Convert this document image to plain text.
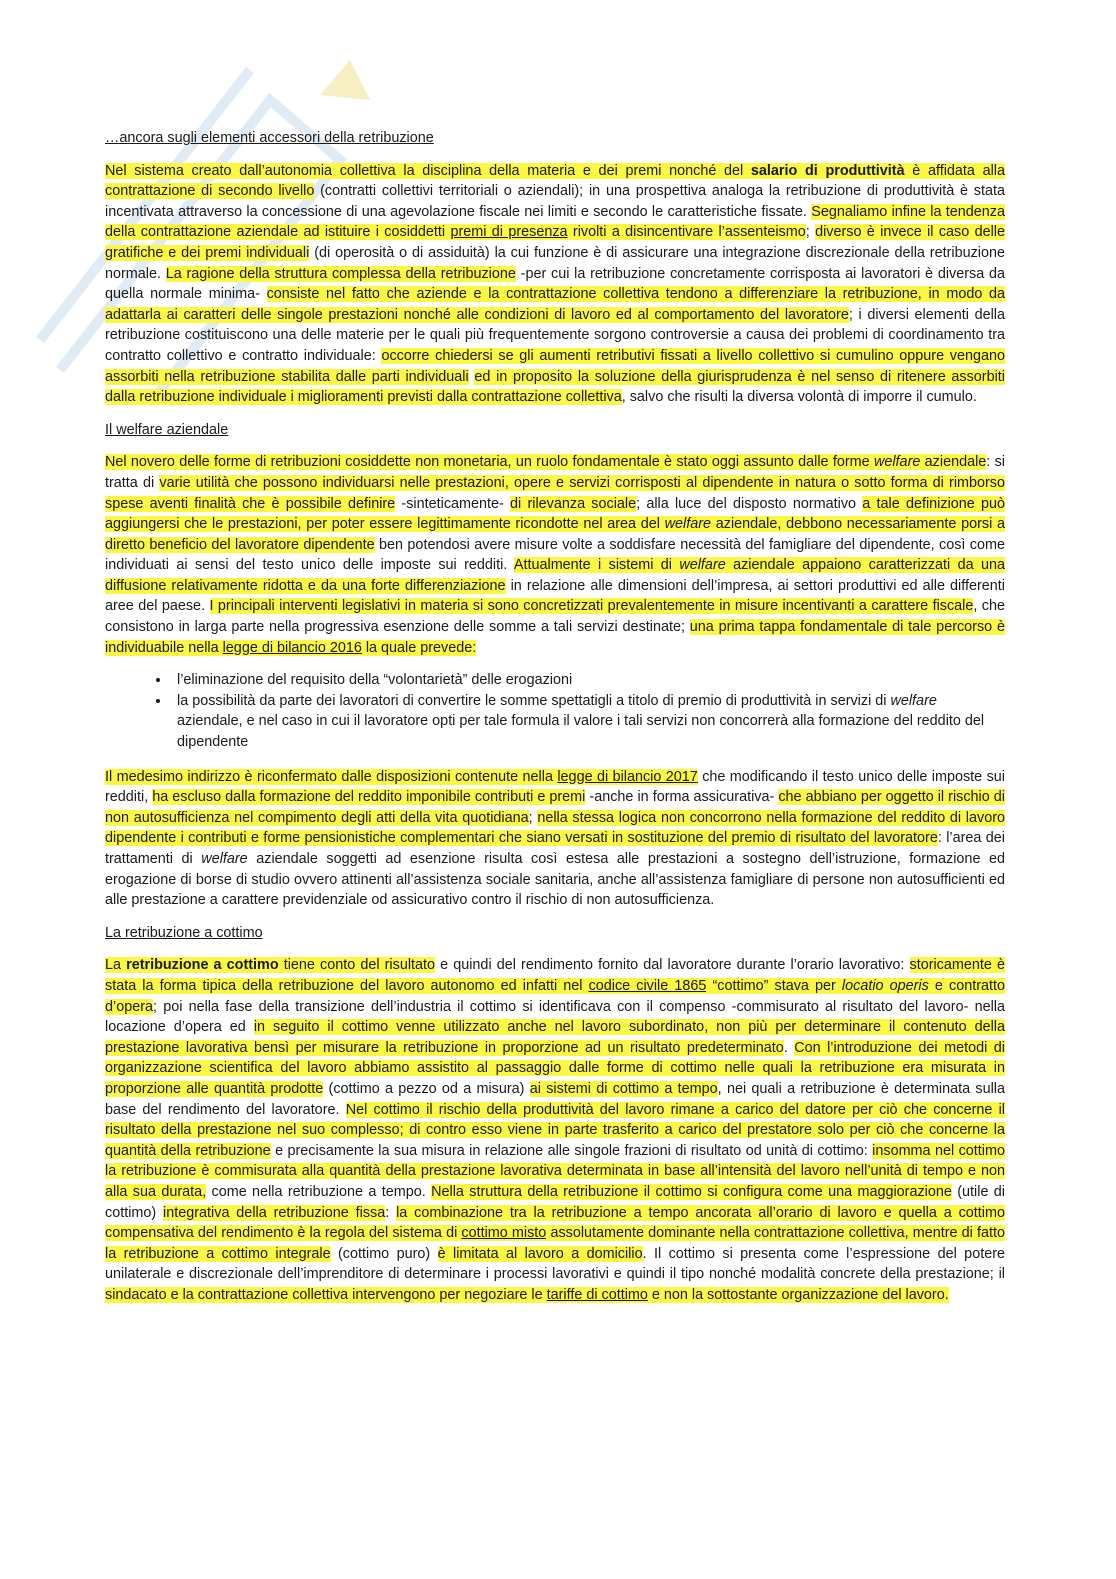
…ancora sugli elementi accessori della retribuzione

Nel sistema creato dall’autonomia collettiva la disciplina della materia e dei premi nonché del salario di produttività è affidata alla contrattazione di secondo livello (contratti collettivi territoriali o aziendali); in una prospettiva analoga la retribuzione di produttività è stata incentivata attraverso la concessione di una agevolazione fiscale nei limiti e secondo le caratteristiche fissate. Segnaliamo infine la tendenza della contrattazione aziendale ad istituire i cosiddetti premi di presenza rivolti a disincentivare l’assenteismo; diverso è invece il caso delle gratifiche e dei premi individuali (di operosità o di assiduità) la cui funzione è di assicurare una integrazione discrezionale della retribuzione normale. La ragione della struttura complessa della retribuzione -per cui la retribuzione concretamente corrisposta ai lavoratori è diversa da quella normale minima- consiste nel fatto che aziende e la contrattazione collettiva tendono a differenziare la retribuzione, in modo da adattarla ai caratteri delle singole prestazioni nonché alle condizioni di lavoro ed al comportamento del lavoratore; i diversi elementi della retribuzione costituiscono una delle materie per le quali più frequentemente sorgono controversie a causa dei problemi di coordinamento tra contratto collettivo e contratto individuale: occorre chiedersi se gli aumenti retributivi fissati a livello collettivo si cumulino oppure vengano assorbiti nella retribuzione stabilita dalle parti individuali ed in proposito la soluzione della giurisprudenza è nel senso di ritenere assorbiti dalla retribuzione individuale i miglioramenti previsti dalla contrattazione collettiva, salvo che risulti la diversa volontà di imporre il cumulo.

Il welfare aziendale

Nel novero delle forme di retribuzioni cosiddette non monetaria, un ruolo fondamentale è stato oggi assunto dalle forme welfare aziendale: si tratta di varie utilità che possono individuarsi nelle prestazioni, opere e servizi corrisposti al dipendente in natura o sotto forma di rimborso spese aventi finalità che è possibile definire -sinteticamente- di rilevanza sociale; alla luce del disposto normativo a tale definizione può aggiungersi che le prestazioni, per poter essere legittimamente ricondotte nel area del welfare aziendale, debbono necessariamente porsi a diretto beneficio del lavoratore dipendente ben potendosi avere misure volte a soddisfare necessità del famigliare del dipendente, così come individuati ai sensi del testo unico delle imposte sui redditi. Attualmente i sistemi di welfare aziendale appaiono caratterizzati da una diffusione relativamente ridotta e da una forte differenziazione in relazione alle dimensioni dell’impresa, ai settori produttivi ed alle differenti aree del paese. I principali interventi legislativi in materia si sono concretizzati prevalentemente in misure incentivanti a carattere fiscale, che consistono in larga parte nella progressiva esenzione delle somme a tali servizi destinate; una prima tappa fondamentale di tale percorso è individuabile nella legge di bilancio 2016 la quale prevede:

• l’eliminazione del requisito della “volontarietà” delle erogazioni
• la possibilità da parte dei lavoratori di convertire le somme spettatigli a titolo di premio di produttività in servizi di welfare aziendale, e nel caso in cui il lavoratore opti per tale formula il valore i tali servizi non concorrerà alla formazione del reddito del dipendente

Il medesimo indirizzo è riconfermato dalle disposizioni contenute nella legge di bilancio 2017 che modificando il testo unico delle imposte sui redditi, ha escluso dalla formazione del reddito imponibile contributi e premi -anche in forma assicurativa- che abbiano per oggetto il rischio di non autosufficienza nel compimento degli atti della vita quotidiana; nella stessa logica non concorrono nella formazione del reddito di lavoro dipendente i contributi e forme pensionistiche complementari che siano versati in sostituzione del premio di risultato del lavoratore: l’area dei trattamenti di welfare aziendale soggetti ad esenzione risulta così estesa alle prestazioni a sostegno dell’istruzione, formazione ed erogazione di borse di studio ovvero attinenti all’assistenza sociale sanitaria, anche all’assistenza famigliare di persone non autosufficienti ed alle prestazione a carattere previdenziale od assicurativo contro il rischio di non autosufficienza.

La retribuzione a cottimo

La retribuzione a cottimo tiene conto del risultato e quindi del rendimento fornito dal lavoratore durante l’orario lavorativo: storicamente è stata la forma tipica della retribuzione del lavoro autonomo ed infatti nel codice civile 1865 “cottimo” stava per locatio operis e contratto d’opera; poi nella fase della transizione dell’industria il cottimo si identificava con il compenso -commisurato al risultato del lavoro- nella locazione d’opera ed in seguito il cottimo venne utilizzato anche nel lavoro subordinato, non più per determinare il contenuto della prestazione lavorativa bensì per misurare la retribuzione in proporzione ad un risultato predeterminato. Con l’introduzione dei metodi di organizzazione scientifica del lavoro abbiamo assistito al passaggio dalle forme di cottimo nelle quali la retribuzione era misurata in proporzione alle quantità prodotte (cottimo a pezzo od a misura) ai sistemi di cottimo a tempo, nei quali a retribuzione è determinata sulla base del rendimento del lavoratore. Nel cottimo il rischio della produttività del lavoro rimane a carico del datore per ciò che concerne il risultato della prestazione nel suo complesso; di contro esso viene in parte trasferito a carico del prestatore solo per ciò che concerne la quantità della retribuzione e precisamente la sua misura in relazione alle singole frazioni di risultato od unità di cottimo: insomma nel cottimo la retribuzione è commisurata alla quantità della prestazione lavorativa determinata in base all’intensità del lavoro nell’unità di tempo e non alla sua durata, come nella retribuzione a tempo. Nella struttura della retribuzione il cottimo si configura come una maggiorazione (utile di cottimo) integrativa della retribuzione fissa: la combinazione tra la retribuzione a tempo ancorata all’orario di lavoro e quella a cottimo compensativa del rendimento è la regola del sistema di cottimo misto assolutamente dominante nella contrattazione collettiva, mentre di fatto la retribuzione a cottimo integrale (cottimo puro) è limitata al lavoro a domicilio. Il cottimo si presenta come l’espressione del potere unilaterale e discrezionale dell’imprenditore di determinare i processi lavorativi e quindi il tipo nonché modalità concrete della prestazione; il sindacato e la contrattazione collettiva intervengono per negoziare le tariffe di cottimo e non la sottostante organizzazione del lavoro.
